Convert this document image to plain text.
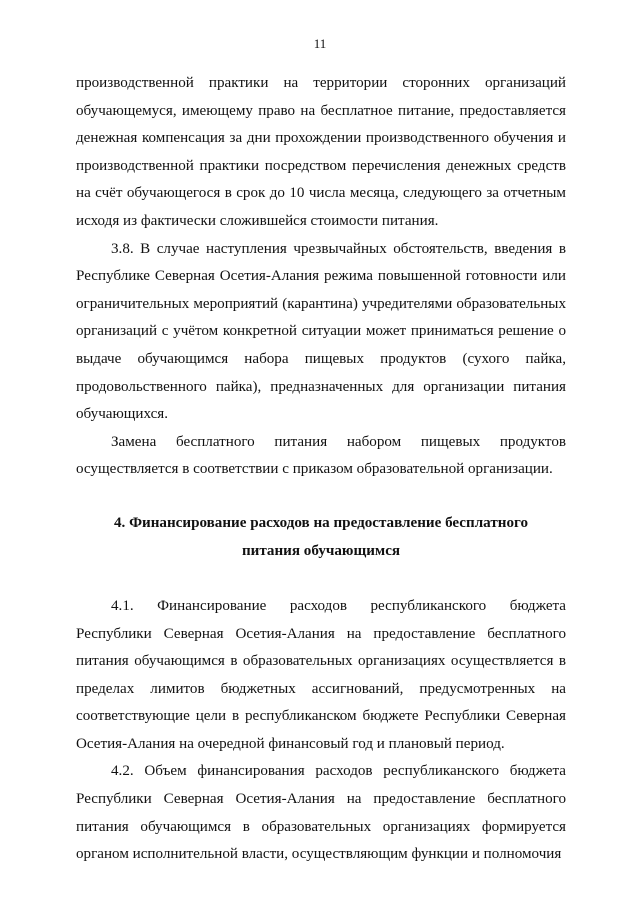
11

производственной практики на территории сторонних организаций обучающемуся, имеющему право на бесплатное питание, предоставляется денежная компенсация за дни прохождении производственного обучения и производственной практики посредством перечисления денежных средств на счёт обучающегося в срок до 10 числа месяца, следующего за отчетным исходя из фактически сложившейся стоимости питания.

3.8. В случае наступления чрезвычайных обстоятельств, введения в Республике Северная Осетия-Алания режима повышенной готовности или ограничительных мероприятий (карантина) учредителями образовательных организаций с учётом конкретной ситуации может приниматься решение о выдаче обучающимся набора пищевых продуктов (сухого пайка, продовольственного пайка), предназначенных для организации питания обучающихся.

Замена бесплатного питания набором пищевых продуктов осуществляется в соответствии с приказом образовательной организации.

4. Финансирование расходов на предоставление бесплатного

питания обучающимся

4.1. Финансирование расходов республиканского бюджета Республики Северная Осетия-Алания на предоставление бесплатного питания обучающимся в образовательных организациях осуществляется в пределах лимитов бюджетных ассигнований, предусмотренных на соответствующие цели в республиканском бюджете Республики Северная Осетия-Алания на очередной финансовый год и плановый период.

4.2. Объем финансирования расходов республиканского бюджета Республики Северная Осетия-Алания на предоставление бесплатного питания обучающимся в образовательных организациях формируется органом исполнительной власти, осуществляющим функции и полномочия
